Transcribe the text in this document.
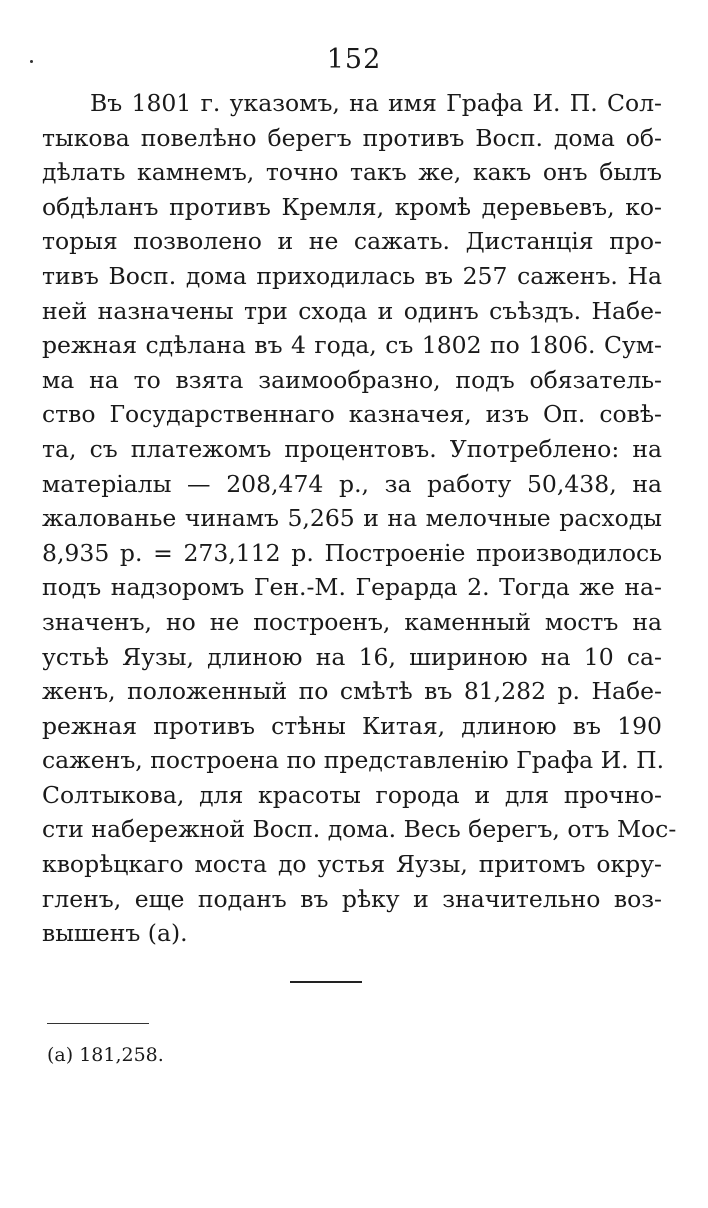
152
Въ 1801 г. указомъ, на имя Графа И. П. Сол-
тыкова повелѣно берегъ противъ Восп. дома об-
дѣлать камнемъ, точно такъ же, какъ онъ былъ
обдѣланъ противъ Кремля, кромѣ деревьевъ, ко-
торыя позволено и не сажать. Дистанція про-
тивъ Восп. дома приходилась въ 257 саженъ. На
ней назначены три схода и одинъ съѣздъ. Набе-
режная сдѣлана въ 4 года, съ 1802 по 1806. Сум-
ма на то взята заимообразно, подъ обязатель-
ство Государственнаго казначея, изъ Оп. совѣ-
та, съ платежомъ процентовъ. Употреблено: на
матеріалы — 208,474 р., за работу 50,438, на
жалованье чинамъ 5,265 и на мелочные расходы
8,935 р. = 273,112 р. Построеніе производилось
подъ надзоромъ Ген.-М. Герарда 2. Тогда же на-
значенъ, но не построенъ, каменный мостъ на
устьѣ Яузы, длиною на 16, шириною на 10 са-
женъ, положенный по смѣтѣ въ 81,282 р. Набе-
режная противъ стѣны Китая, длиною въ 190
саженъ, построена по представленію Графа И. П.
Солтыкова, для красоты города и для прочно-
сти набережной Восп. дома. Весь берегъ, отъ Мос-
кворѣцкаго моста до устья Яузы, притомъ окру-
гленъ, еще поданъ въ рѣку и значительно воз-
вышенъ (а).
(а) 181,258.
